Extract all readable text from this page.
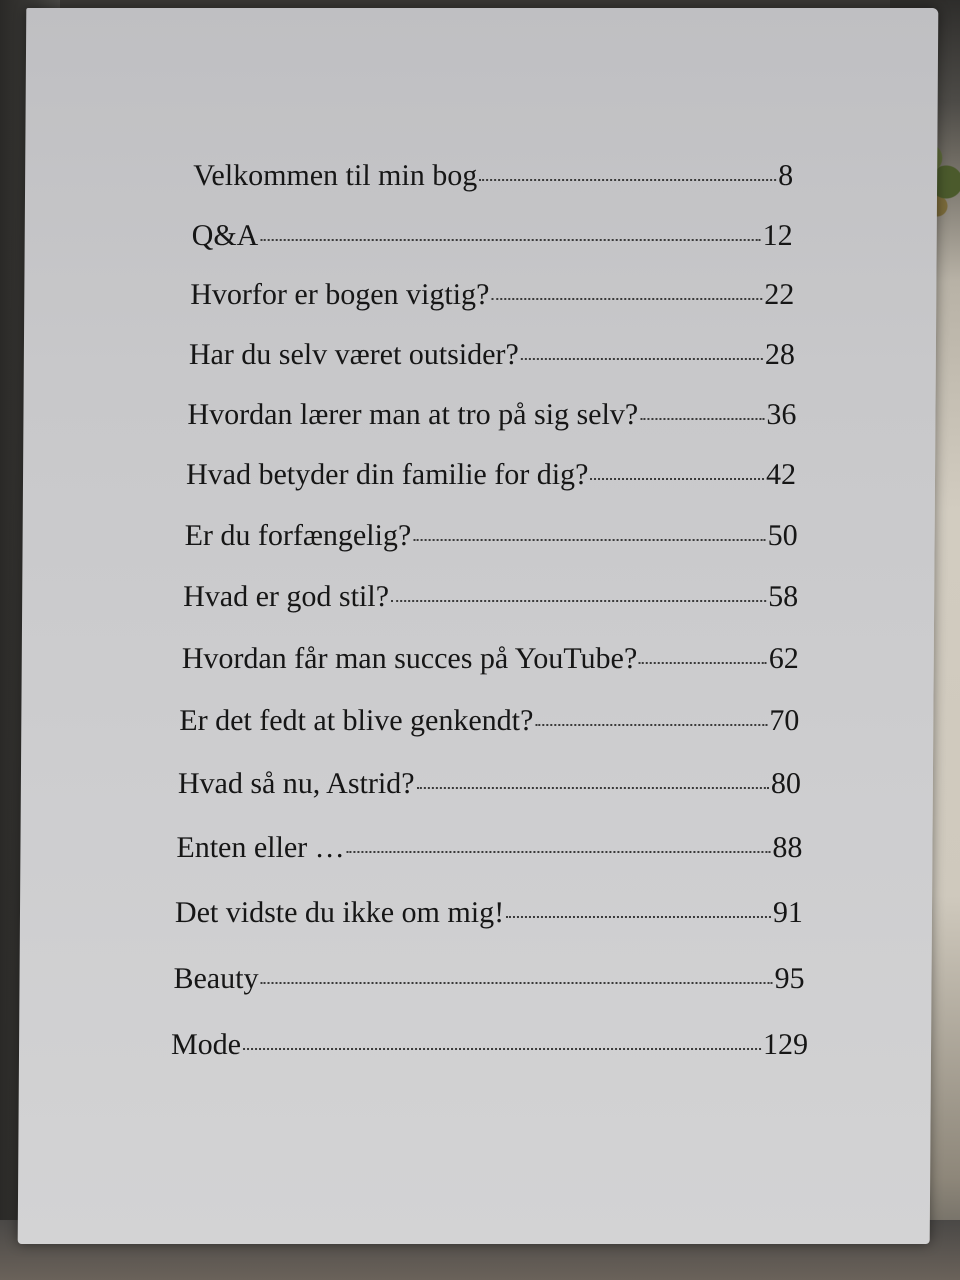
Velkommen til min bog	8
Q&A	12
Hvorfor er bogen vigtig?	22
Har du selv været outsider?	28
Hvordan lærer man at tro på sig selv?	36
Hvad betyder din familie for dig?	42
Er du forfængelig?	50
Hvad er god stil?	58
Hvordan får man succes på YouTube?	62
Er det fedt at blive genkendt?	70
Hvad så nu, Astrid?	80
Enten eller …	88
Det vidste du ikke om mig!	91
Beauty	95
Mode	129
